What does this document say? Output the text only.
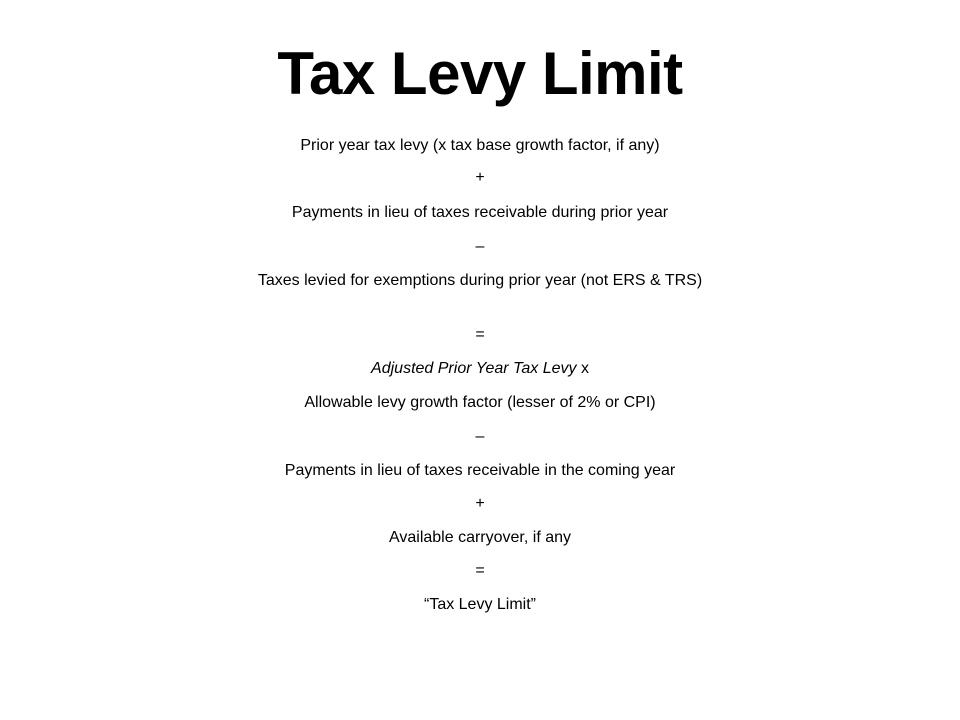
Tax Levy Limit
Prior year tax levy (x tax base growth factor, if any)
+
Payments in lieu of taxes receivable during prior year
–
Taxes levied for exemptions during prior year (not ERS & TRS)
=
Adjusted Prior Year Tax Levy x
Allowable levy growth factor (lesser of 2% or CPI)
–
Payments in lieu of taxes receivable in the coming year
+
Available carryover, if any
=
“Tax Levy Limit”
